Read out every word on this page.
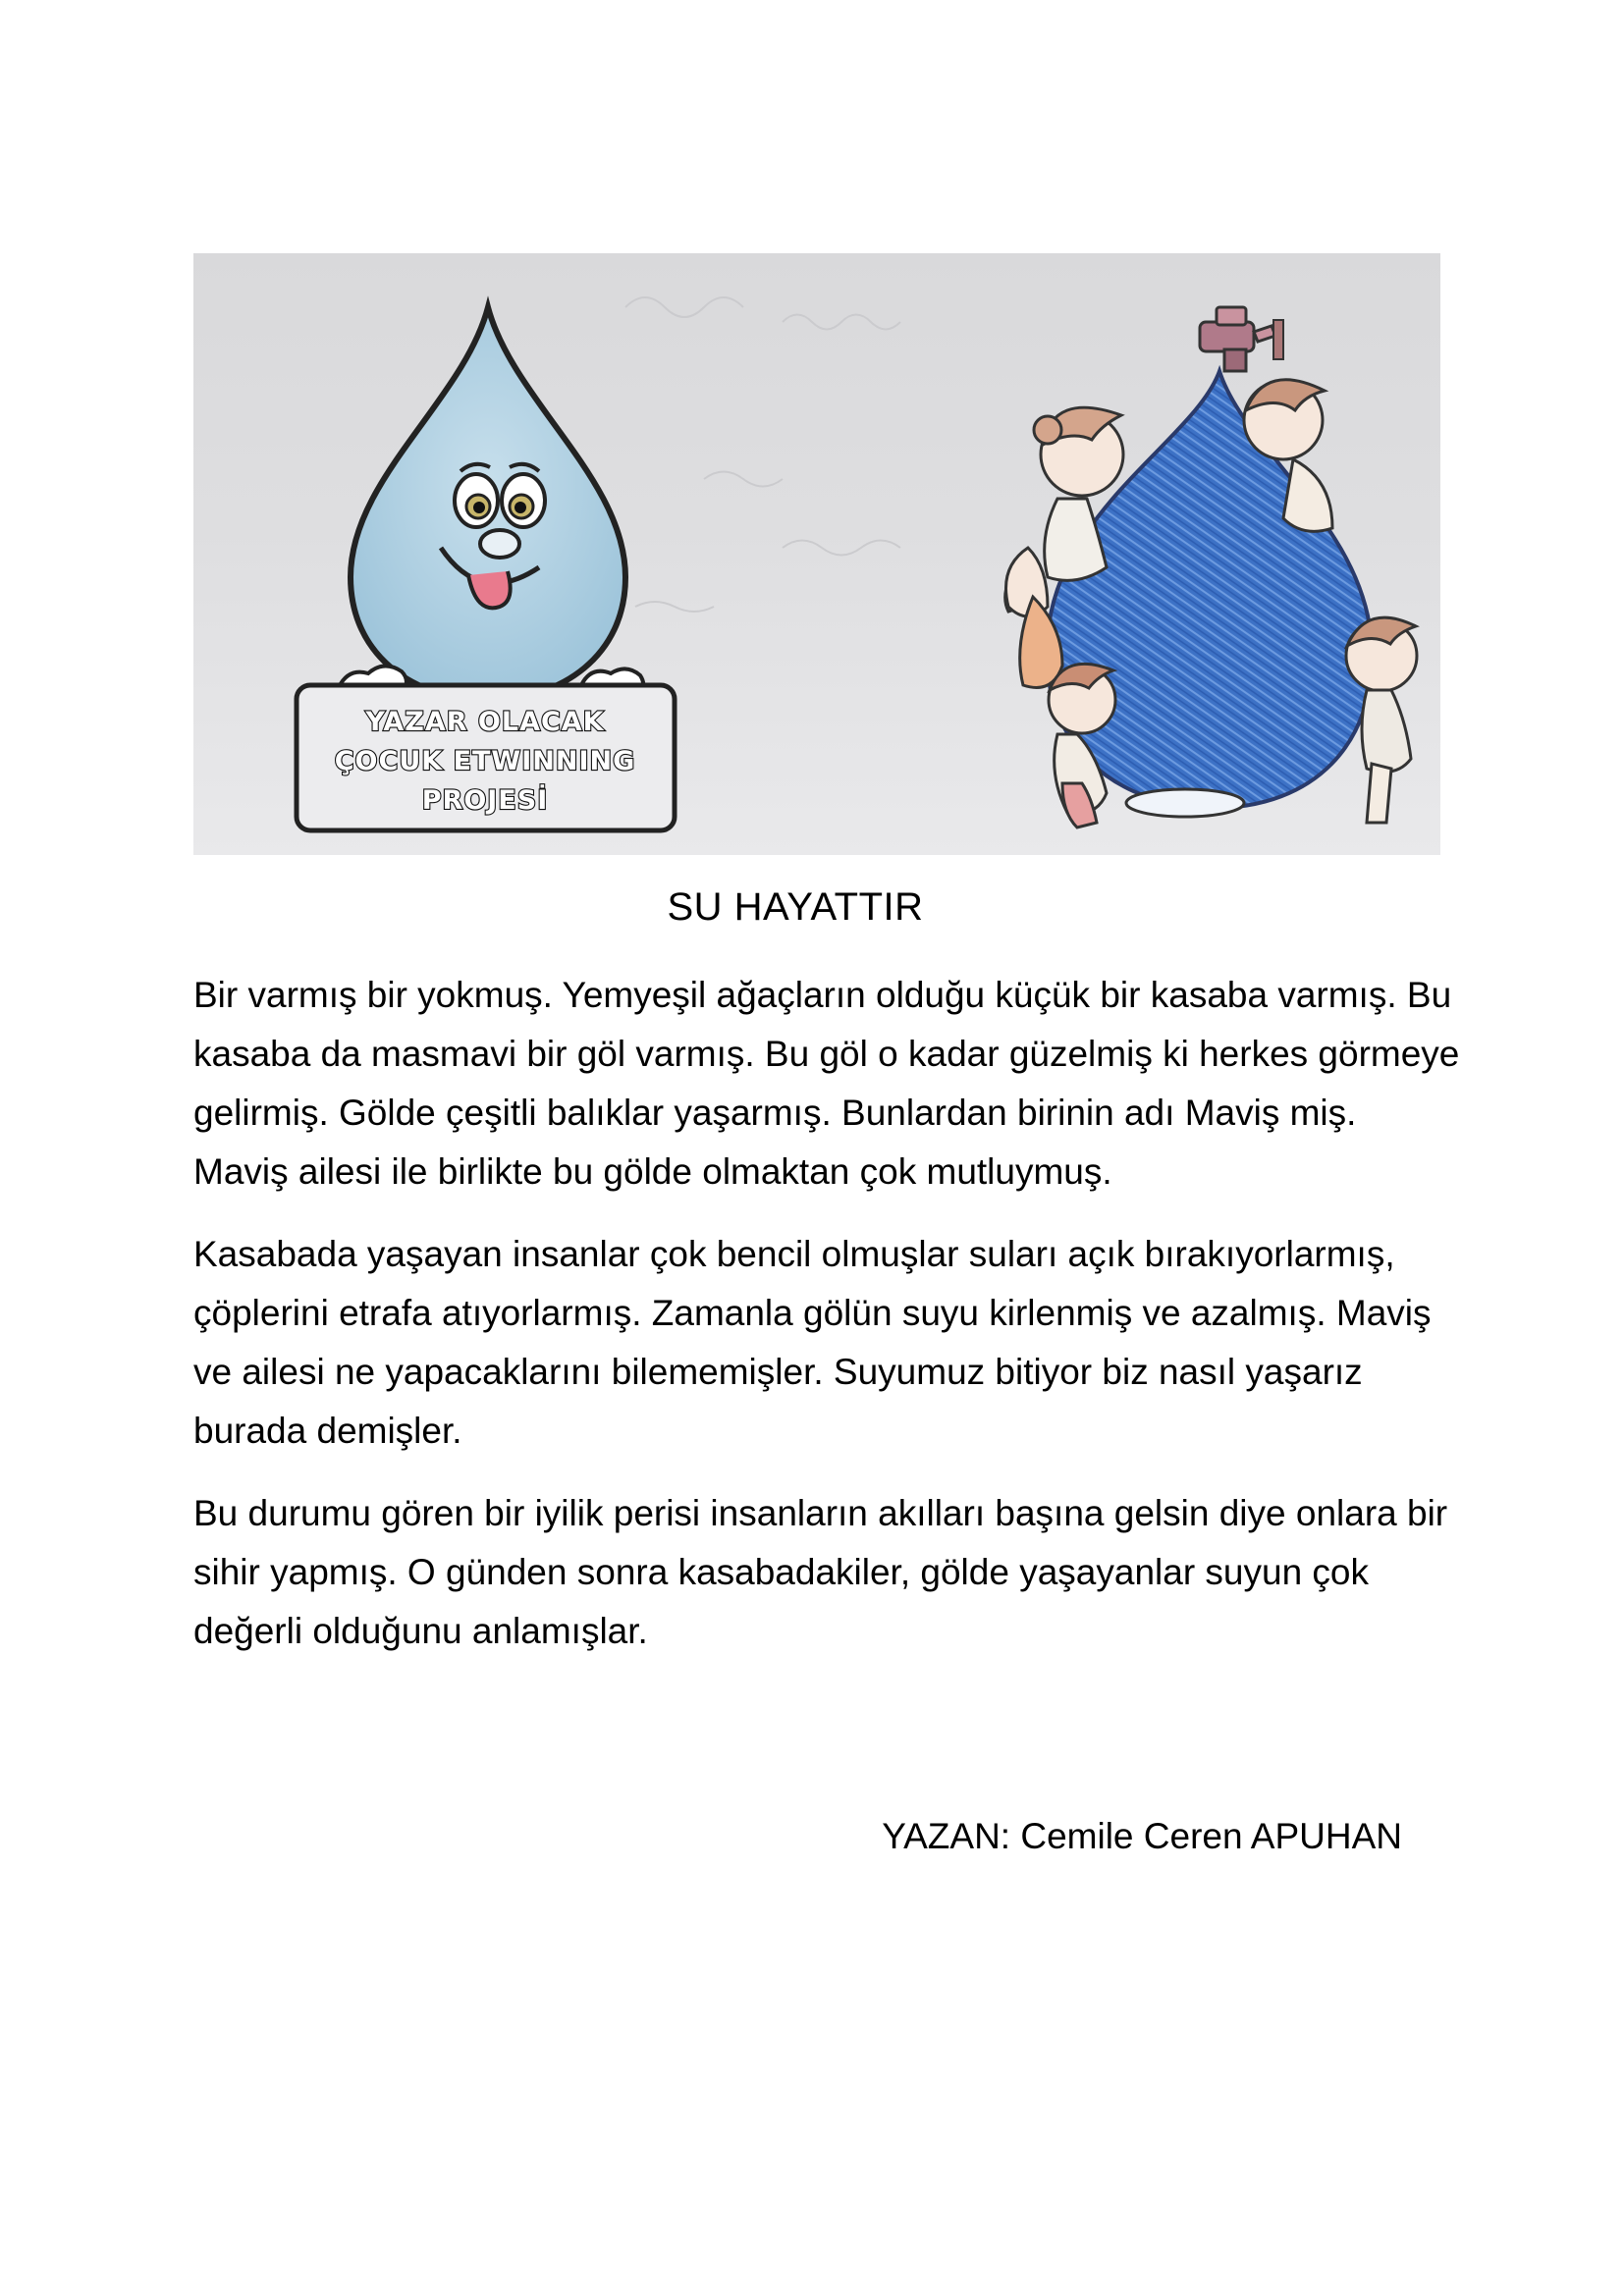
YAZAR OLACAK
ÇOCUK ETWINNING
PROJESİ
SU HAYATTIR

Bir varmış bir yokmuş. Yemyeşil ağaçların olduğu küçük bir kasaba varmış. Bu kasaba da masmavi bir göl varmış. Bu göl o kadar güzelmiş ki herkes görmeye gelirmiş. Gölde çeşitli balıklar yaşarmış. Bunlardan birinin adı Maviş miş. Maviş ailesi ile birlikte bu gölde olmaktan çok mutluymuş.

Kasabada yaşayan insanlar çok bencil olmuşlar suları açık bırakıyorlarmış, çöplerini etrafa atıyorlarmış. Zamanla gölün suyu kirlenmiş ve azalmış. Maviş ve ailesi ne yapacaklarını bilememişler. Suyumuz bitiyor biz nasıl yaşarız burada demişler.

Bu durumu gören bir iyilik perisi insanların akılları başına gelsin diye onlara bir sihir yapmış. O günden sonra kasabadakiler, gölde yaşayanlar suyun çok değerli olduğunu anlamışlar.

YAZAN: Cemile Ceren APUHAN
